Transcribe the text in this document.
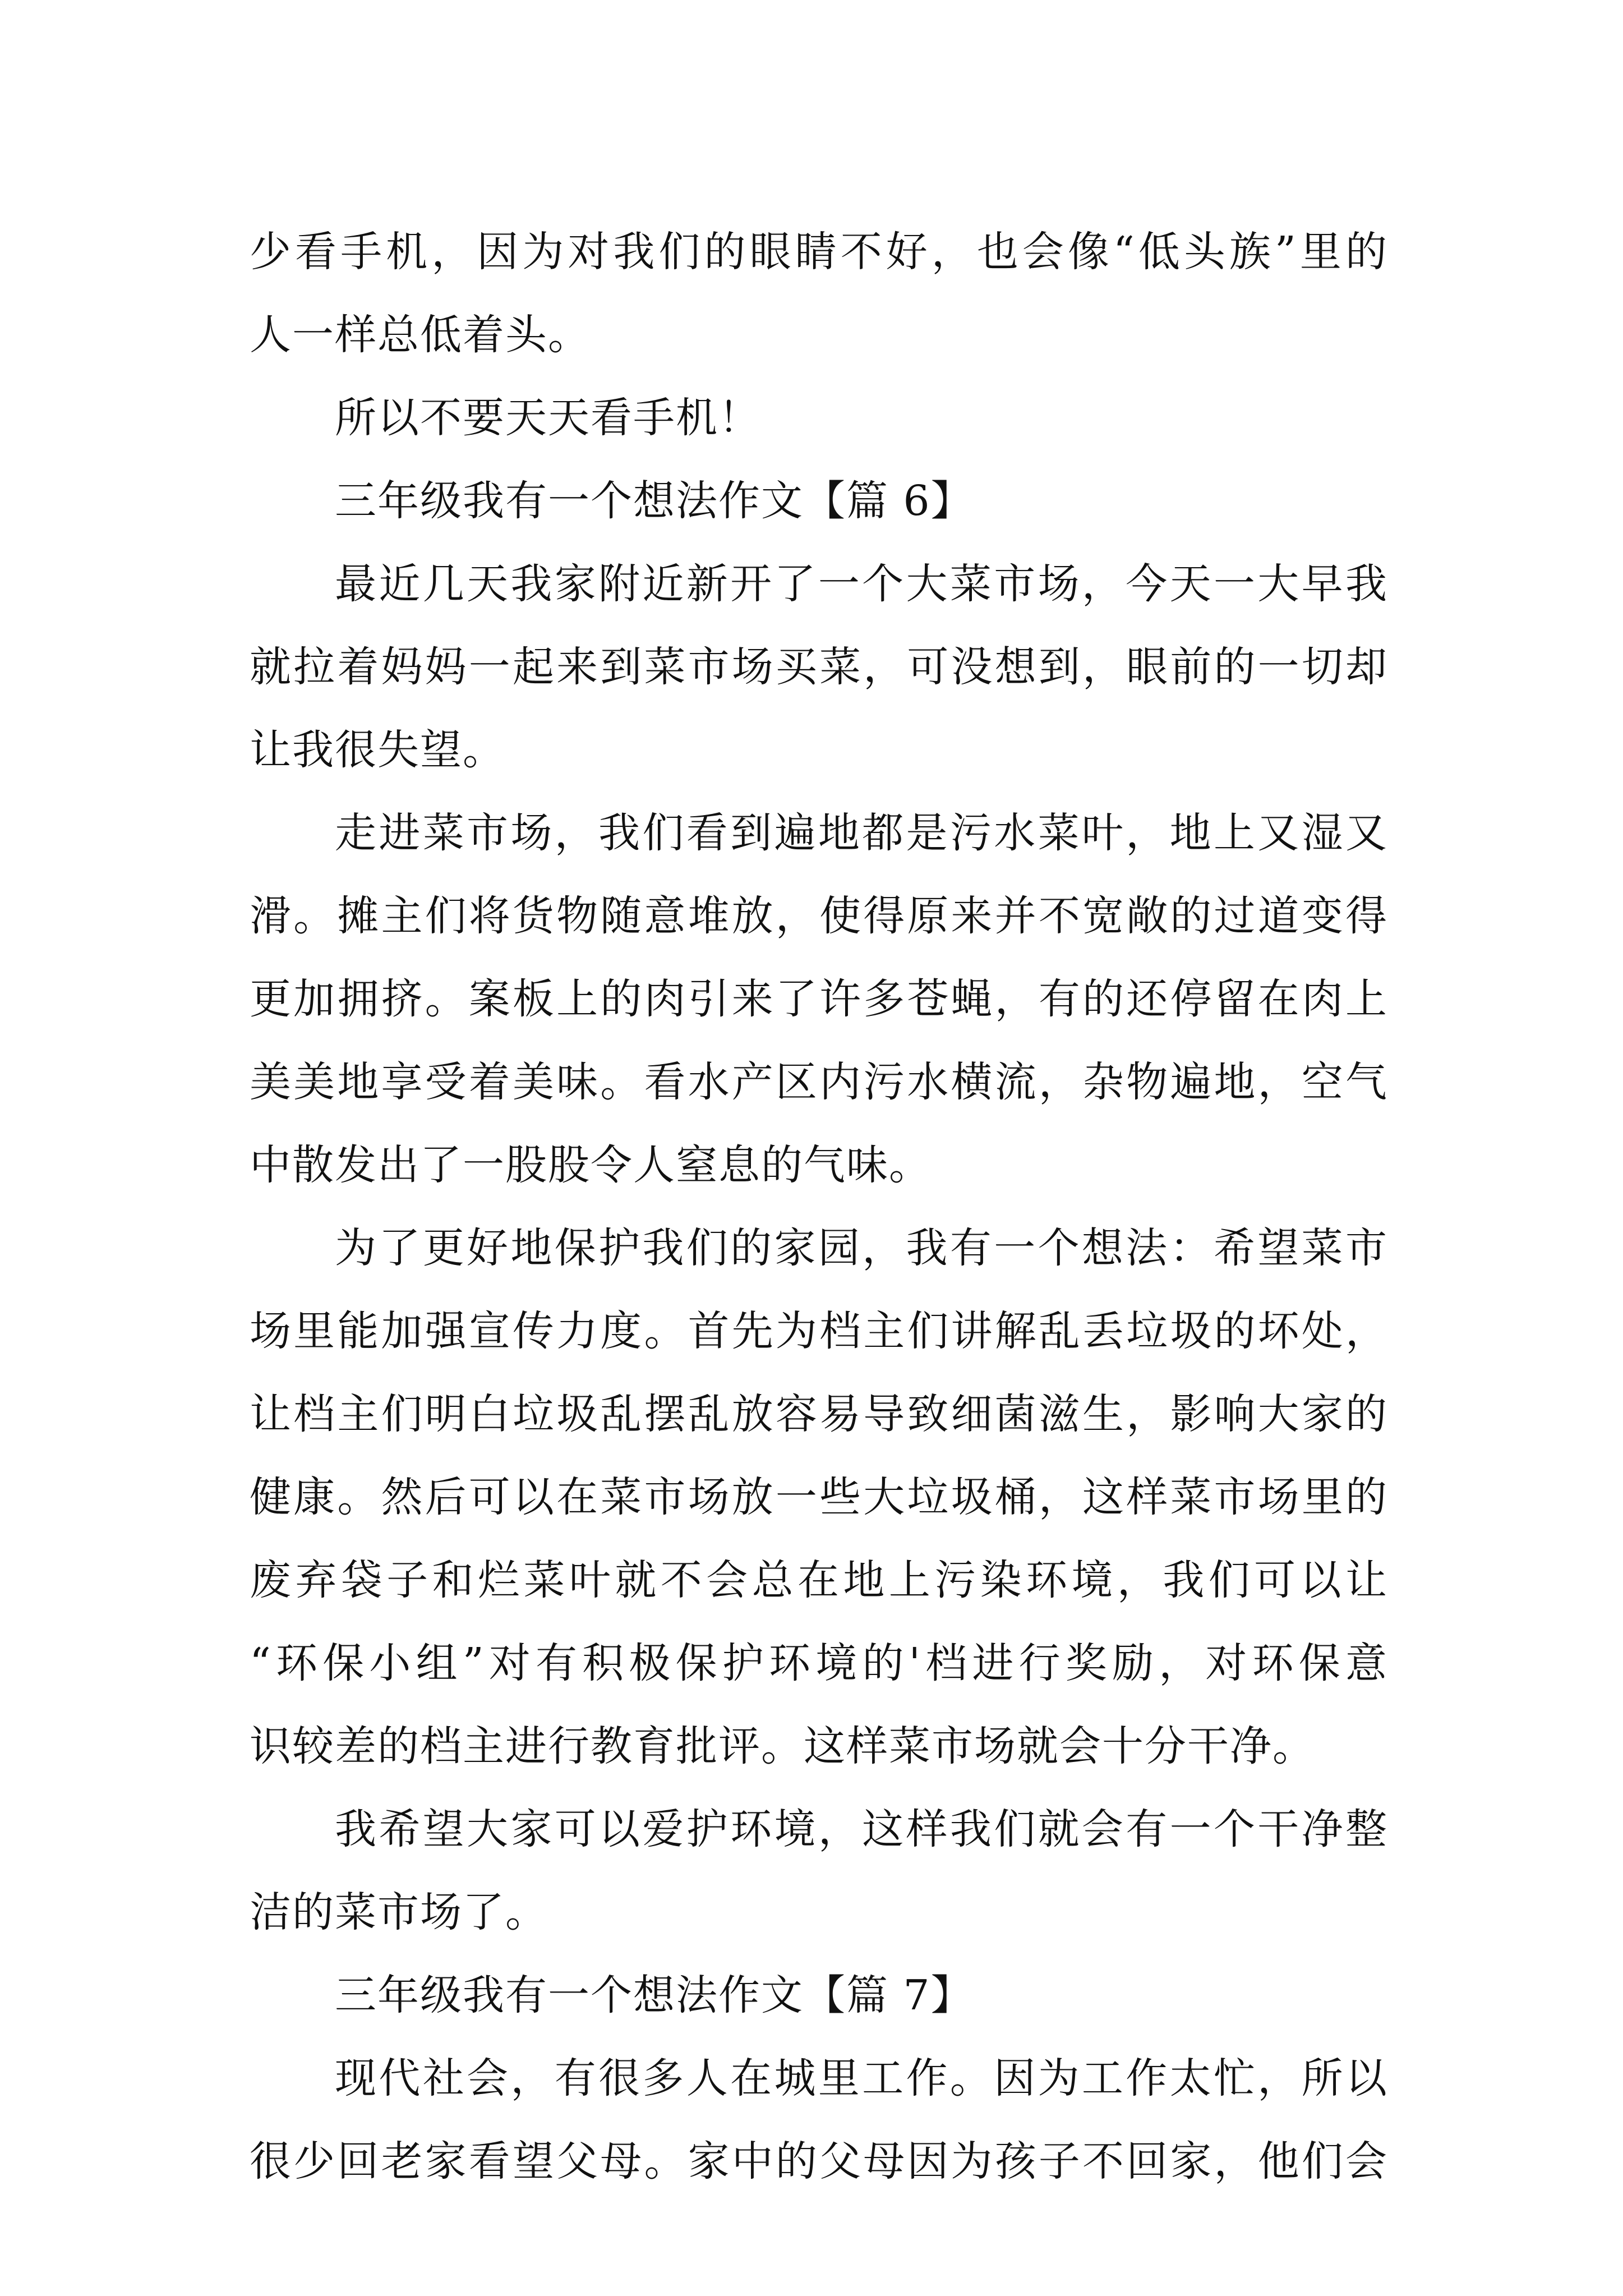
少看手机，因为对我们的眼睛不好，也会像“低头族”里的
人一样总低着头。
所以不要天天看手机！
三年级我有一个想法作文【篇 6】
最近几天我家附近新开了一个大菜市场，今天一大早我
就拉着妈妈一起来到菜市场买菜，可没想到，眼前的一切却
让我很失望。
走进菜市场，我们看到遍地都是污水菜叶，地上又湿又
滑。摊主们将货物随意堆放，使得原来并不宽敞的过道变得
更加拥挤。案板上的肉引来了许多苍蝇，有的还停留在肉上
美美地享受着美味。看水产区内污水横流，杂物遍地，空气
中散发出了一股股令人窒息的气味。
为了更好地保护我们的家园，我有一个想法：希望菜市
场里能加强宣传力度。首先为档主们讲解乱丢垃圾的坏处，
让档主们明白垃圾乱摆乱放容易导致细菌滋生，影响大家的
健康。然后可以在菜市场放一些大垃圾桶，这样菜市场里的
废弃袋子和烂菜叶就不会总在地上污染环境，我们可以让
“环保小组”对有积极保护环境的'档进行奖励，对环保意
识较差的档主进行教育批评。这样菜市场就会十分干净。
我希望大家可以爱护环境，这样我们就会有一个干净整
洁的菜市场了。
三年级我有一个想法作文【篇 7】
现代社会，有很多人在城里工作。因为工作太忙，所以
很少回老家看望父母。家中的父母因为孩子不回家，他们会
